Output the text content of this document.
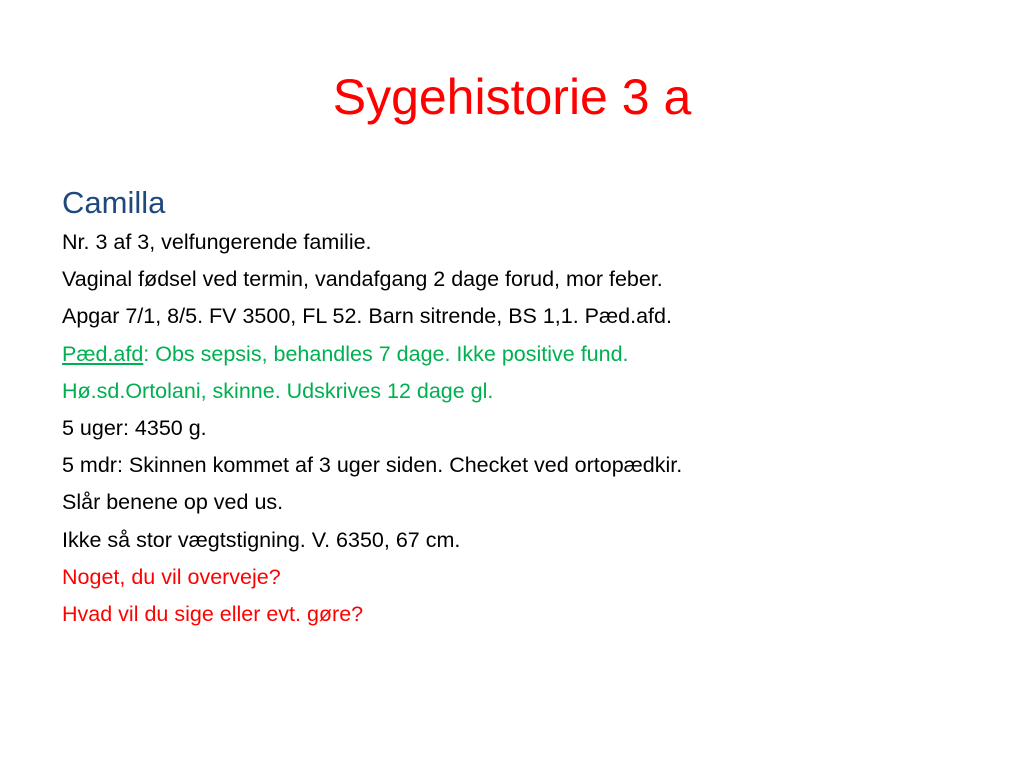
Sygehistorie 3 a
Camilla
Nr. 3 af 3, velfungerende familie.
Vaginal fødsel ved termin, vandafgang 2 dage forud, mor feber.
Apgar 7/1, 8/5. FV 3500, FL 52. Barn sitrende, BS 1,1. Pæd.afd.
Pæd.afd: Obs sepsis, behandles 7 dage. Ikke positive fund.
Hø.sd.Ortolani, skinne. Udskrives 12 dage gl.
5 uger: 4350 g.
5 mdr: Skinnen kommet af 3 uger siden. Checket ved ortopædkir.
Slår benene op ved us.
Ikke så stor vægtstigning. V. 6350, 67 cm.
Noget, du vil overveje?
Hvad vil du sige eller evt. gøre?
